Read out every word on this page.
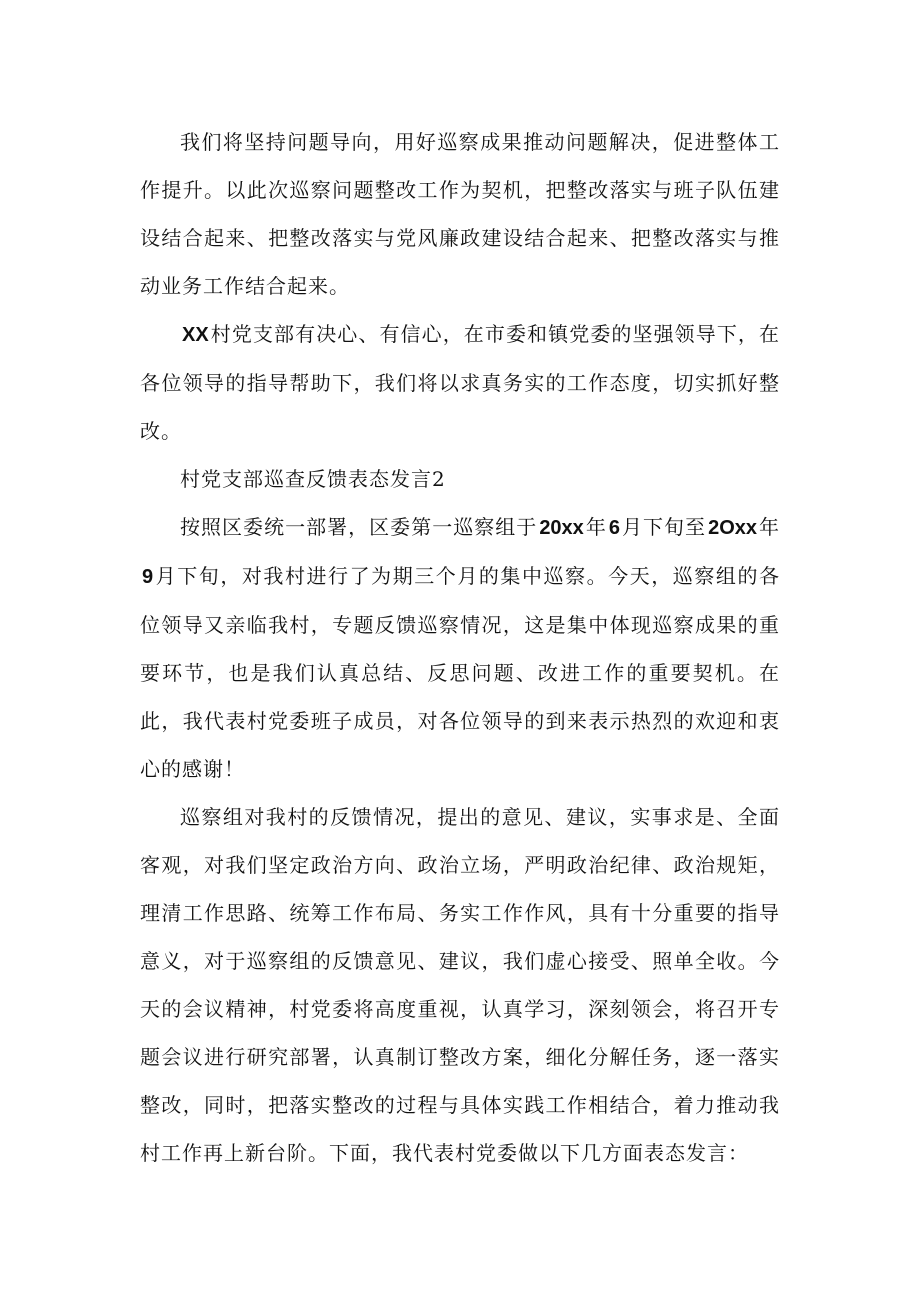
我们将坚持问题导向，用好巡察成果推动问题解决，促进整体工作提升。以此次巡察问题整改工作为契机，把整改落实与班子队伍建设结合起来、把整改落实与党风廉政建设结合起来、把整改落实与推动业务工作结合起来。

XX 村党支部有决心、有信心，在市委和镇党委的坚强领导下，在各位领导的指导帮助下，我们将以求真务实的工作态度，切实抓好整改。

村党支部巡查反馈表态发言2

按照区委统一部署，区委第一巡察组于 20xx 年 6 月下旬至 2Oxx 年9 月下旬，对我村进行了为期三个月的集中巡察。今天，巡察组的各位领导又亲临我村，专题反馈巡察情况，这是集中体现巡察成果的重要环节，也是我们认真总结、反思问题、改进工作的重要契机。在此，我代表村党委班子成员，对各位领导的到来表示热烈的欢迎和衷心的感谢！

巡察组对我村的反馈情况，提出的意见、建议，实事求是、全面客观，对我们坚定政治方向、政治立场，严明政治纪律、政治规矩，理清工作思路、统筹工作布局、务实工作作风，具有十分重要的指导意义，对于巡察组的反馈意见、建议，我们虚心接受、照单全收。今天的会议精神，村党委将高度重视，认真学习，深刻领会，将召开专题会议进行研究部署，认真制订整改方案，细化分解任务，逐一落实整改，同时，把落实整改的过程与具体实践工作相结合，着力推动我村工作再上新台阶。下面，我代表村党委做以下几方面表态发言：
